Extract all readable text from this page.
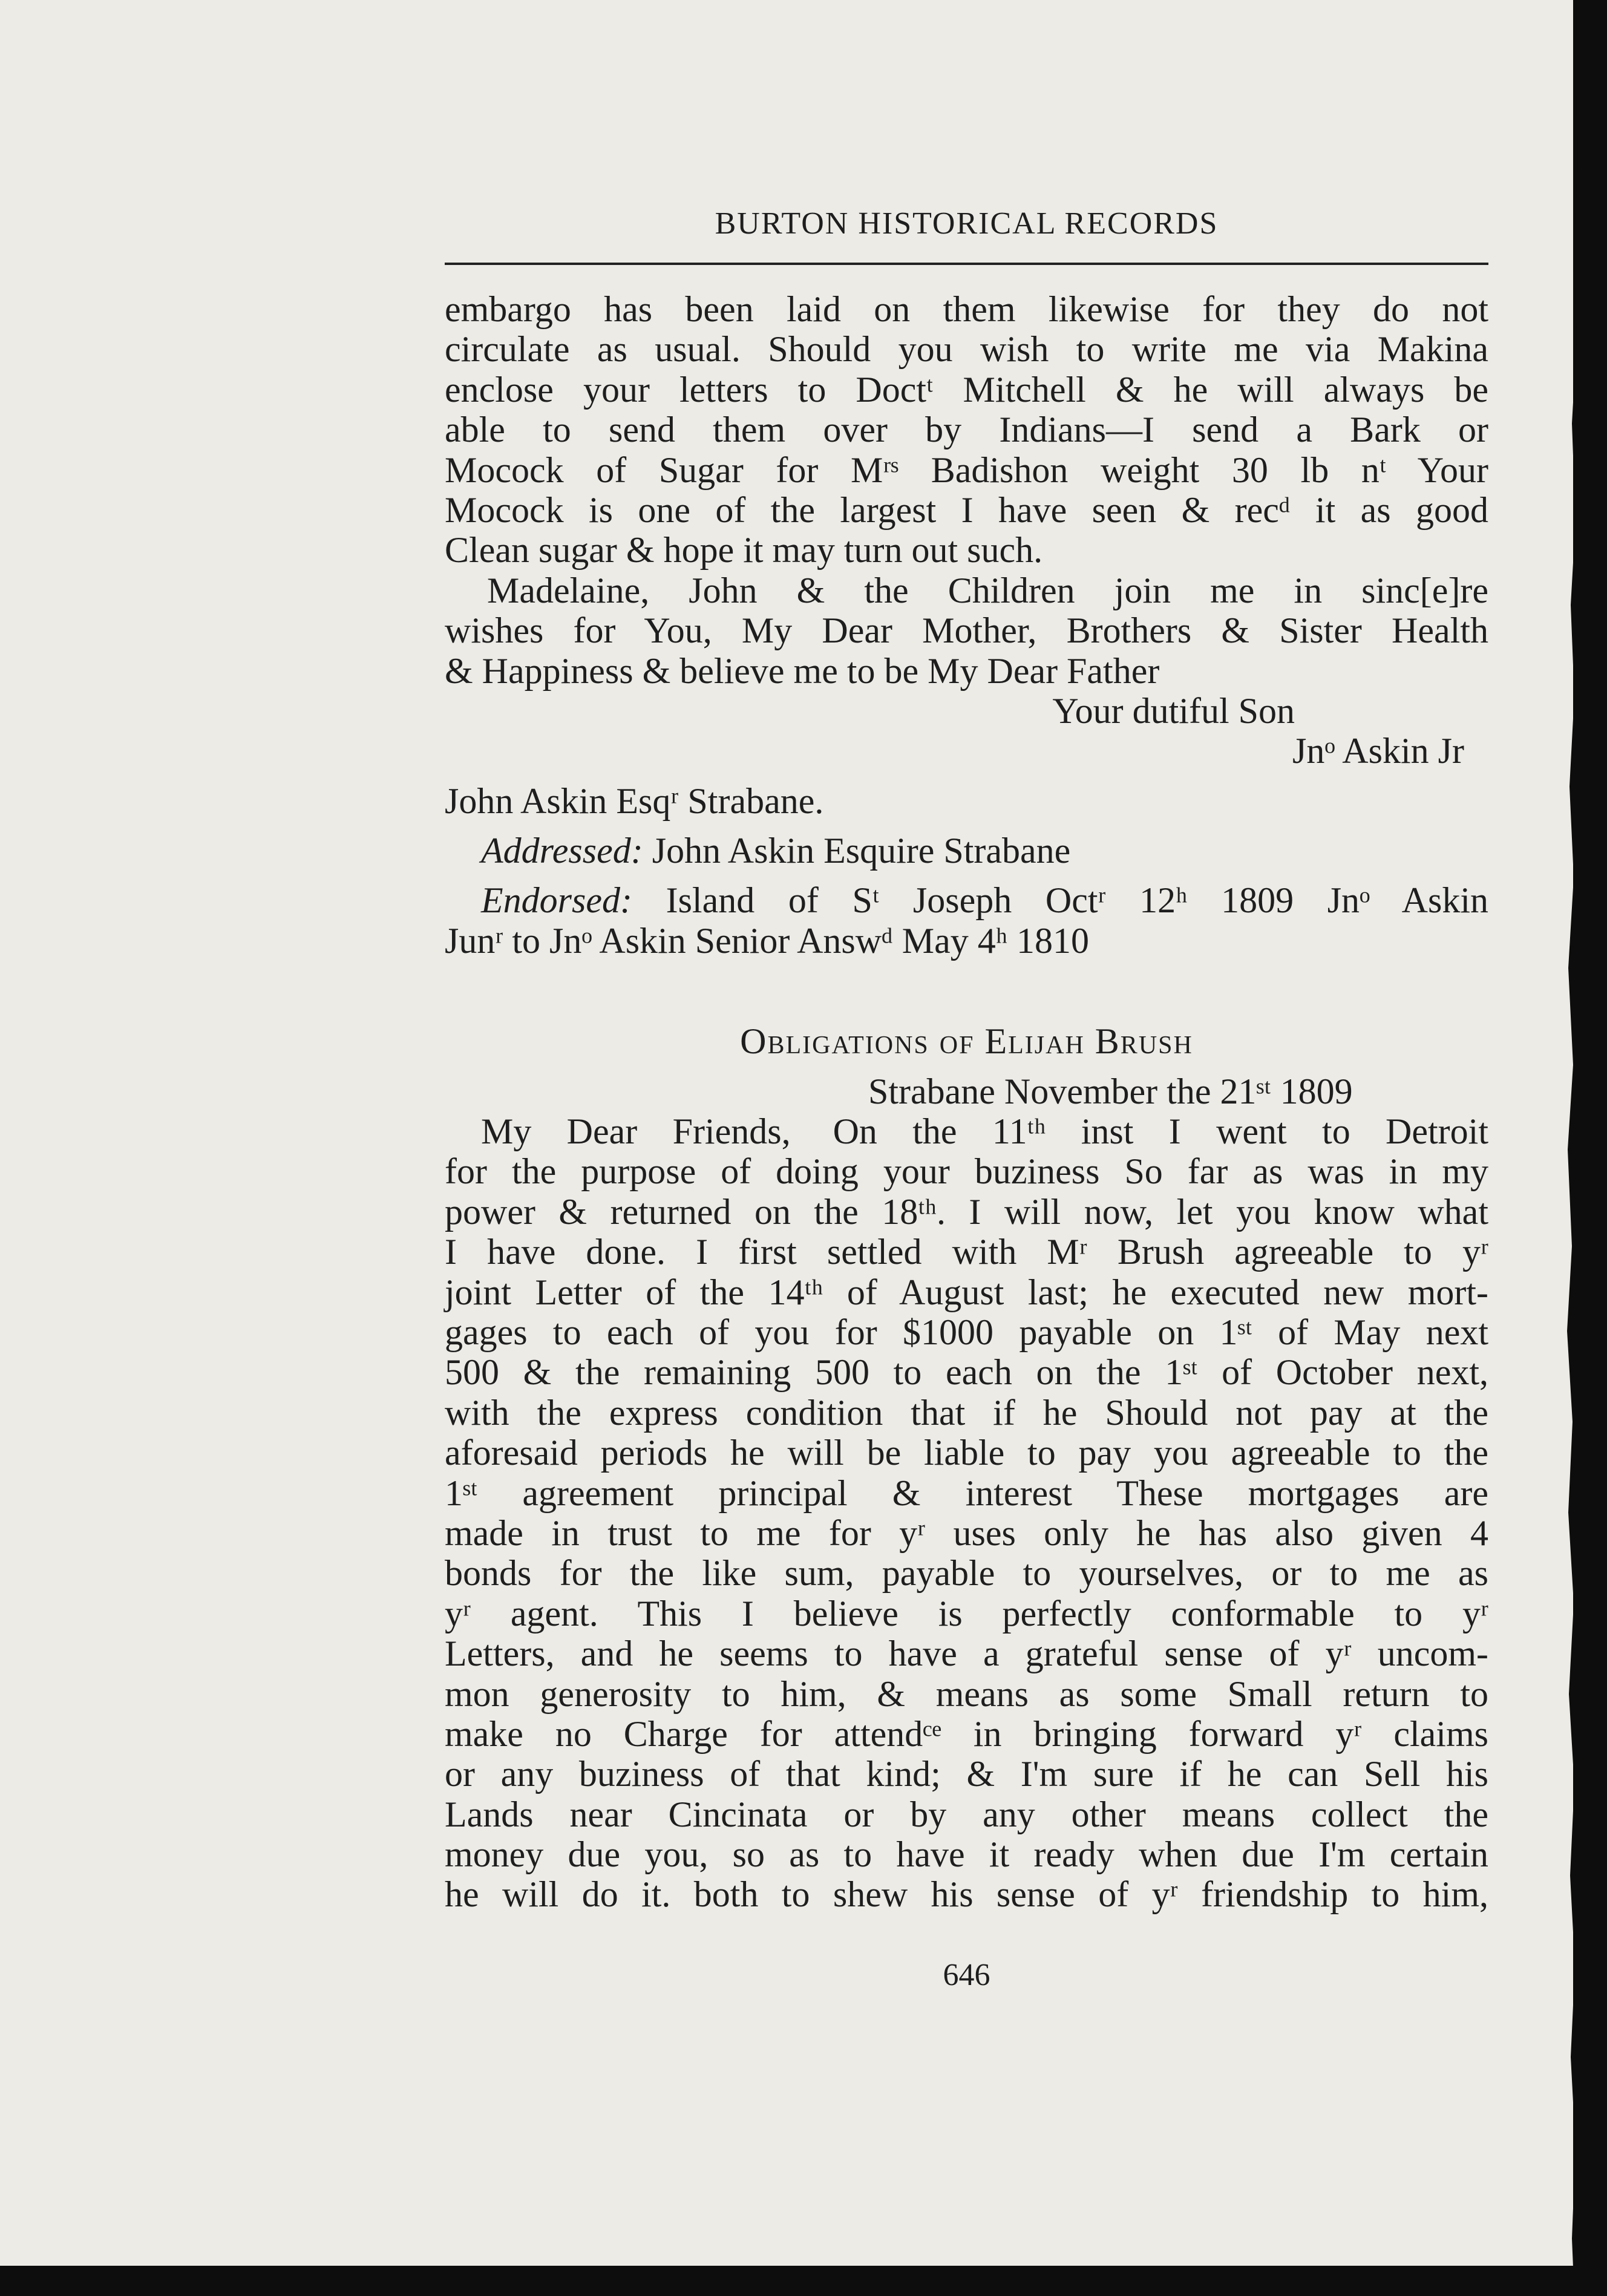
BURTON HISTORICAL RECORDS
embargo has been laid on them likewise for they do not
circulate as usual. Should you wish to write me via Makina
enclose your letters to Doctᵗ Mitchell & he will always be
able to send them over by Indians—I send a Bark or
Mocock of Sugar for Mʳˢ Badishon weight 30 lb nᵗ Your
Mocock is one of the largest I have seen & recᵈ it as good
Clean sugar & hope it may turn out such.
Madelaine, John & the Children join me in sinc[e]re
wishes for You, My Dear Mother, Brothers & Sister Health
& Happiness & believe me to be My Dear Father
Your dutiful Son
Jnᵒ Askin Jr
John Askin Esqʳ Strabane.
Addressed: John Askin Esquire Strabane
Endorsed: Island of Sᵗ Joseph Octʳ 12ʰ 1809 Jnᵒ Askin
Junʳ to Jnᵒ Askin Senior Answᵈ May 4ʰ 1810
Obligations of Elijah Brush
Strabane November the 21ˢᵗ 1809
My Dear Friends, On the 11ᵗʰ inst I went to Detroit
for the purpose of doing your buziness So far as was in my
power & returned on the 18ᵗʰ. I will now, let you know what
I have done. I first settled with Mʳ Brush agreeable to yʳ
joint Letter of the 14ᵗʰ of August last; he executed new mort-
gages to each of you for $1000 payable on 1ˢᵗ of May next
500 & the remaining 500 to each on the 1ˢᵗ of October next,
with the express condition that if he Should not pay at the
aforesaid periods he will be liable to pay you agreeable to the
1ˢᵗ agreement principal & interest These mortgages are
made in trust to me for yʳ uses only he has also given 4
bonds for the like sum, payable to yourselves, or to me as
yʳ agent. This I believe is perfectly conformable to yʳ
Letters, and he seems to have a grateful sense of yʳ uncom-
mon generosity to him, & means as some Small return to
make no Charge for attendᶜᵉ in bringing forward yʳ claims
or any buziness of that kind; & I'm sure if he can Sell his
Lands near Cincinata or by any other means collect the
money due you, so as to have it ready when due I'm certain
he will do it. both to shew his sense of yʳ friendship to him,
646
